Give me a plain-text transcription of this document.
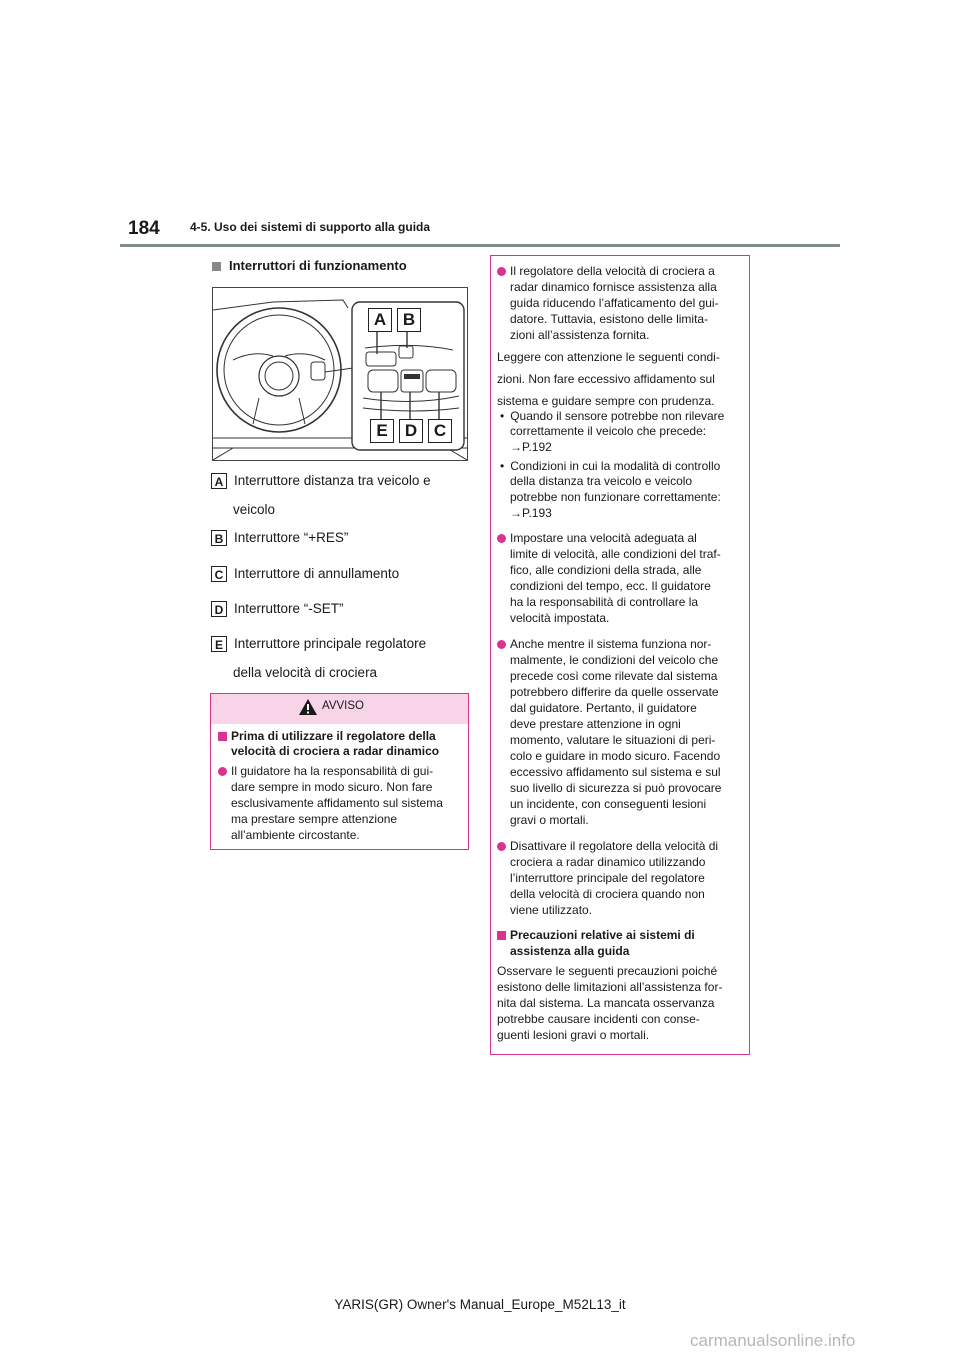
184	4-5. Uso dei sistemi di supporto alla guida
Interruttori di funzionamento
A B
E	D C
A Interruttore distanza tra veicolo e
veicolo
B Interruttore “+RES”
C Interruttore di annullamento
D Interruttore “-SET”
E Interruttore principale regolatore
della velocità di crociera
AVVISO
Prima di utilizzare il regolatore della
velocità di crociera a radar dinamico
Il guidatore ha la responsabilità di gui-
dare sempre in modo sicuro. Non fare
esclusivamente affidamento sul sistema
ma prestare sempre attenzione
all’ambiente circostante.
Il regolatore della velocità di crociera a
radar dinamico fornisce assistenza alla
guida riducendo l’affaticamento del gui-
datore. Tuttavia, esistono delle limita-
zioni all’assistenza fornita.
Leggere con attenzione le seguenti condi-
zioni. Non fare eccessivo affidamento sul
sistema e guidare sempre con prudenza.
• Quando il sensore potrebbe non rilevare
correttamente il veicolo che precede:
→P.192
• Condizioni in cui la modalità di controllo
della distanza tra veicolo e veicolo
potrebbe non funzionare correttamente:
→P.193
Impostare una velocità adeguata al
limite di velocità, alle condizioni del traf-
fico, alle condizioni della strada, alle
condizioni del tempo, ecc. Il guidatore
ha la responsabilità di controllare la
velocità impostata.
Anche mentre il sistema funziona nor-
malmente, le condizioni del veicolo che
precede così come rilevate dal sistema
potrebbero differire da quelle osservate
dal guidatore. Pertanto, il guidatore
deve prestare attenzione in ogni
momento, valutare le situazioni di peri-
colo e guidare in modo sicuro. Facendo
eccessivo affidamento sul sistema e sul
suo livello di sicurezza si può provocare
un incidente, con conseguenti lesioni
gravi o mortali.
Disattivare il regolatore della velocità di
crociera a radar dinamico utilizzando
l’interruttore principale del regolatore
della velocità di crociera quando non
viene utilizzato.
Precauzioni relative ai sistemi di
assistenza alla guida
Osservare le seguenti precauzioni poiché
esistono delle limitazioni all’assistenza for-
nita dal sistema. La mancata osservanza
potrebbe causare incidenti con conse-
guenti lesioni gravi o mortali.
YARIS(GR) Owner's Manual_Europe_M52L13_it
carmanualsonline.info
